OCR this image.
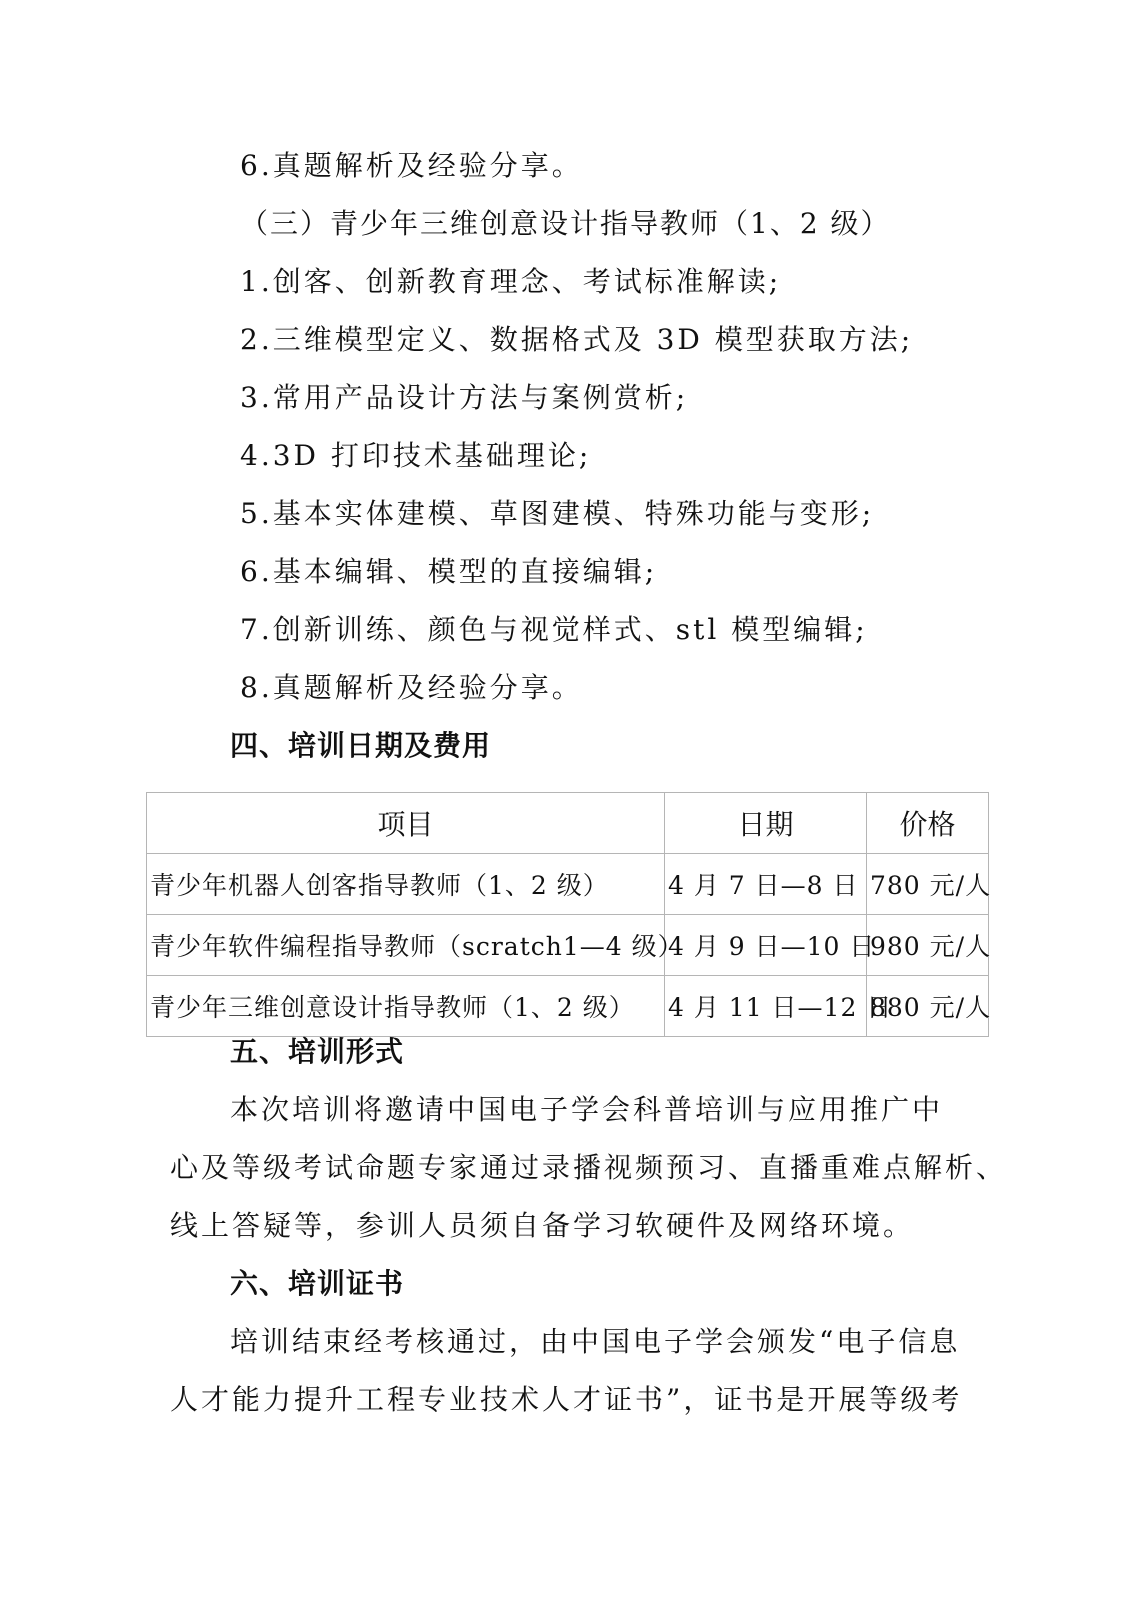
6.真题解析及经验分享。
（三）青少年三维创意设计指导教师（1、2 级）
1.创客、创新教育理念、考试标准解读;
2.三维模型定义、数据格式及 3D 模型获取方法;
3.常用产品设计方法与案例赏析;
4.3D 打印技术基础理论;
5.基本实体建模、草图建模、特殊功能与变形;
6.基本编辑、模型的直接编辑;
7.创新训练、颜色与视觉样式、stl 模型编辑;
8.真题解析及经验分享。
四、培训日期及费用
项目	日期	价格
青少年机器人创客指导教师（1、2 级）	4 月 7 日—8 日	780 元/人
青少年软件编程指导教师（scratch1—4 级）	4 月 9 日—10 日	980 元/人
青少年三维创意设计指导教师（1、2 级）	4 月 11 日—12 日	880 元/人
五、培训形式
本次培训将邀请中国电子学会科普培训与应用推广中
心及等级考试命题专家通过录播视频预习、直播重难点解析、
线上答疑等，参训人员须自备学习软硬件及网络环境。
六、培训证书
培训结束经考核通过，由中国电子学会颁发“电子信息
人才能力提升工程专业技术人才证书”，证书是开展等级考
